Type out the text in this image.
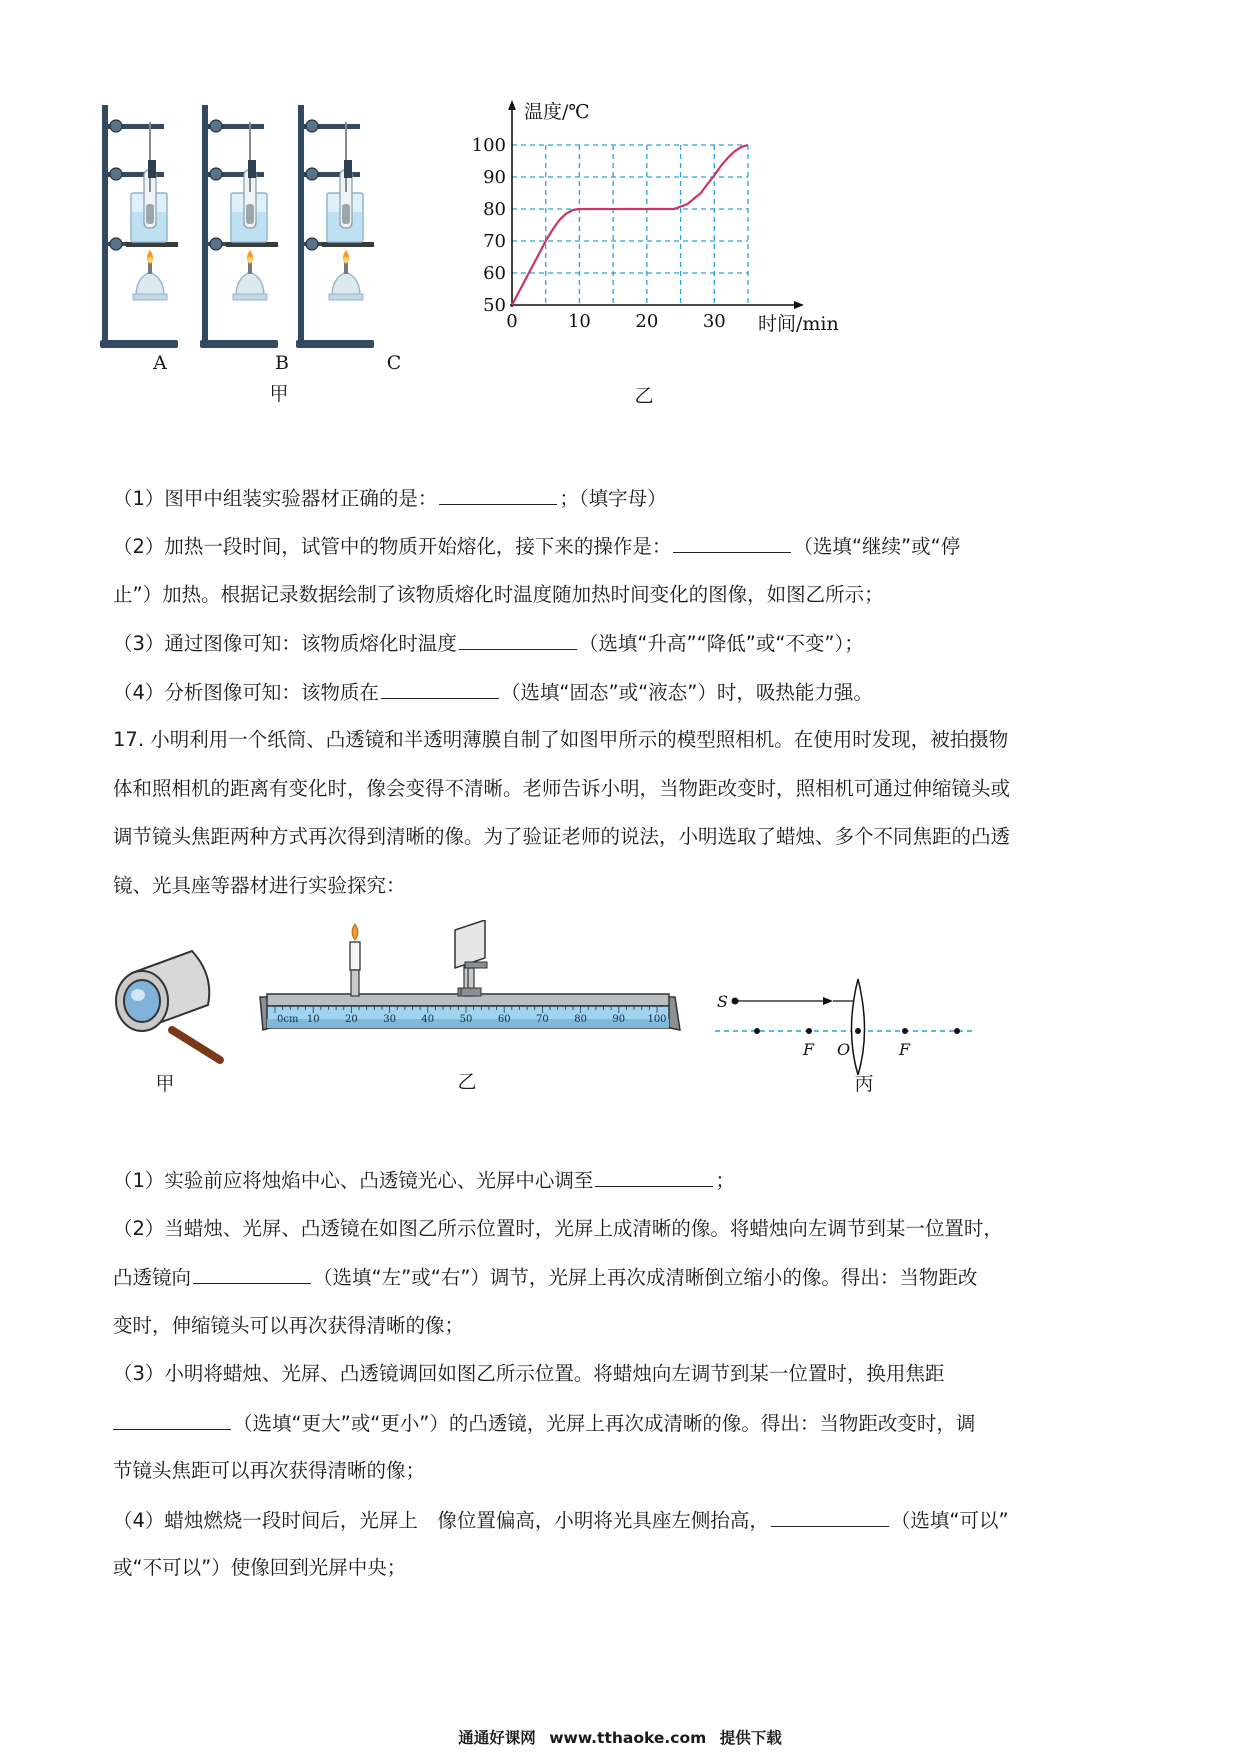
A	B	C
甲
50
60
70
80
90
100
0	10 20 30
温度/℃
时间/min
乙
（1）图甲中组装实验器材正确的是：	；（填字母）
（2）加热一段时间，试管中的物质开始熔化，接下来的操作是：	（选填“继续”或“停
止”）加热。根据记录数据绘制了该物质熔化时温度随加热时间变化的图像，如图乙所示；
（3）通过图像可知：该物质熔化时温度	（选填“升高”“降低”或“不变”）；
（4）分析图像可知：该物质在	（选填“固态”或“液态”）时，吸热能力强。
17. 小明利用一个纸筒、凸透镜和半透明薄膜自制了如图甲所示的模型照相机。在使用时发现，被拍摄物
体和照相机的距离有变化时，像会变得不清晰。老师告诉小明，当物距改变时，照相机可通过伸缩镜头或
调节镜头焦距两种方式再次得到清晰的像。为了验证老师的说法，小明选取了蜡烛、多个不同焦距的凸透
镜、光具座等器材进行实验探究：
甲
0cm 10	20	30	40	50	60	70	80	90 100
乙
S
F O	F
丙
（1）实验前应将烛焰中心、凸透镜光心、光屏中心调至	；
（2）当蜡烛、光屏、凸透镜在如图乙所示位置时，光屏上成清晰的像。将蜡烛向左调节到某一位置时，
凸透镜向	（选填“左”或“右”）调节，光屏上再次成清晰倒立缩小的像。得出：当物距改
变时，伸缩镜头可以再次获得清晰的像；
（3）小明将蜡烛、光屏、凸透镜调回如图乙所示位置。将蜡烛向左调节到某一位置时，换用焦距
（选填“更大”或“更小”）的凸透镜，光屏上再次成清晰的像。得出：当物距改变时，调
节镜头焦距可以再次获得清晰的像；
（4）蜡烛燃烧一段时间后，光屏上　像位置偏高，小明将光具座左侧抬高，	（选填“可以”
或“不可以”）使像回到光屏中央；
通通好课网 www.tthaoke.com 提供下载
